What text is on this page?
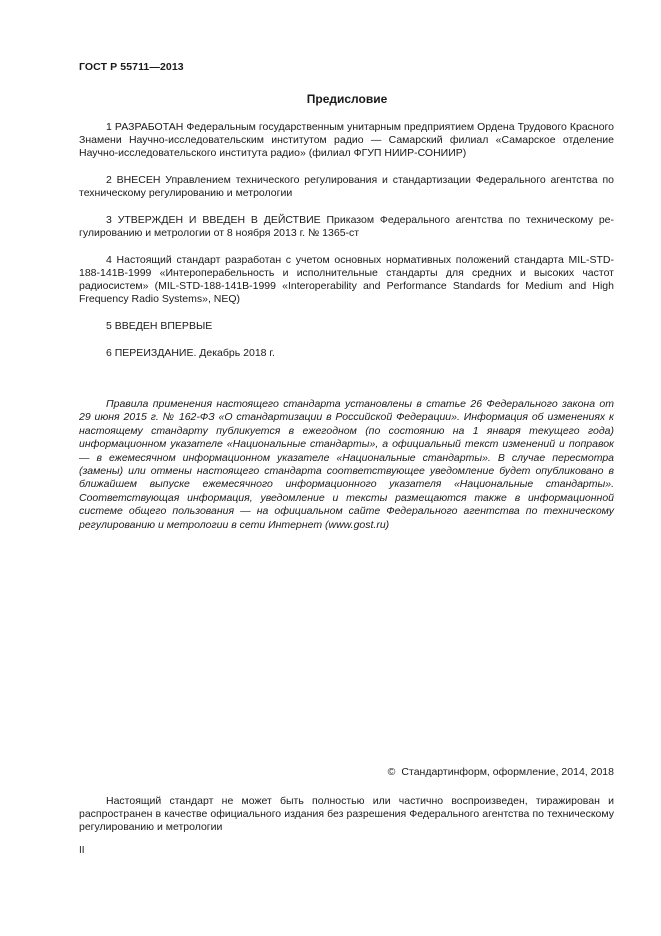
ГОСТ Р 55711—2013
Предисловие

1 РАЗРАБОТАН Федеральным государственным унитарным предприятием Ордена Трудового Красного Знамени Научно-исследовательским институтом радио — Самарский филиал «Самарское отделение Научно-исследовательского института радио» (филиал ФГУП НИИР-СОНИИР)

2 ВНЕСЕН Управлением технического регулирования и стандартизации Федерального агентства по техническому регулированию и метрологии

3 УТВЕРЖДЕН И ВВЕДЕН В ДЕЙСТВИЕ Приказом Федерального агентства по техническому ре-гулированию и метрологии от 8 ноября 2013 г. № 1365-ст

4 Настоящий стандарт разработан с учетом основных нормативных положений стандарта MIL-STD-188-141B-1999 «Интероперабельность и исполнительные стандарты для средних и высоких частот радиосистем» (MIL-STD-188-141B-1999 «Interoperability and Performance Standards for Medium and High Frequency Radio Systems», NEQ)

5 ВВЕДЕН ВПЕРВЫЕ

6 ПЕРЕИЗДАНИЕ. Декабрь 2018 г.

Правила применения настоящего стандарта установлены в статье 26 Федерального закона от 29 июня 2015 г. № 162-ФЗ «О стандартизации в Российской Федерации». Информация об изменениях к настоящему стандарту публикуется в ежегодном (по состоянию на 1 января текущего года) информационном указателе «Национальные стандарты», а официальный текст изменений и поправок — в ежемесячном информационном указателе «Национальные стандарты». В случае пересмотра (замены) или отмены настоящего стандарта соответствующее уведомление будет опубликовано в ближайшем выпуске ежемесячного информационного указателя «Национальные стандарты». Соответствующая информация, уведомление и тексты размещаются также в информационной системе общего пользования — на официальном сайте Федерального агентства по техническому регулированию и метрологии в сети Интернет (www.gost.ru)

© Стандартинформ, оформление, 2014, 2018

Настоящий стандарт не может быть полностью или частично воспроизведен, тиражирован и распространен в качестве официального издания без разрешения Федерального агентства по техническому регулированию и метрологии

II
